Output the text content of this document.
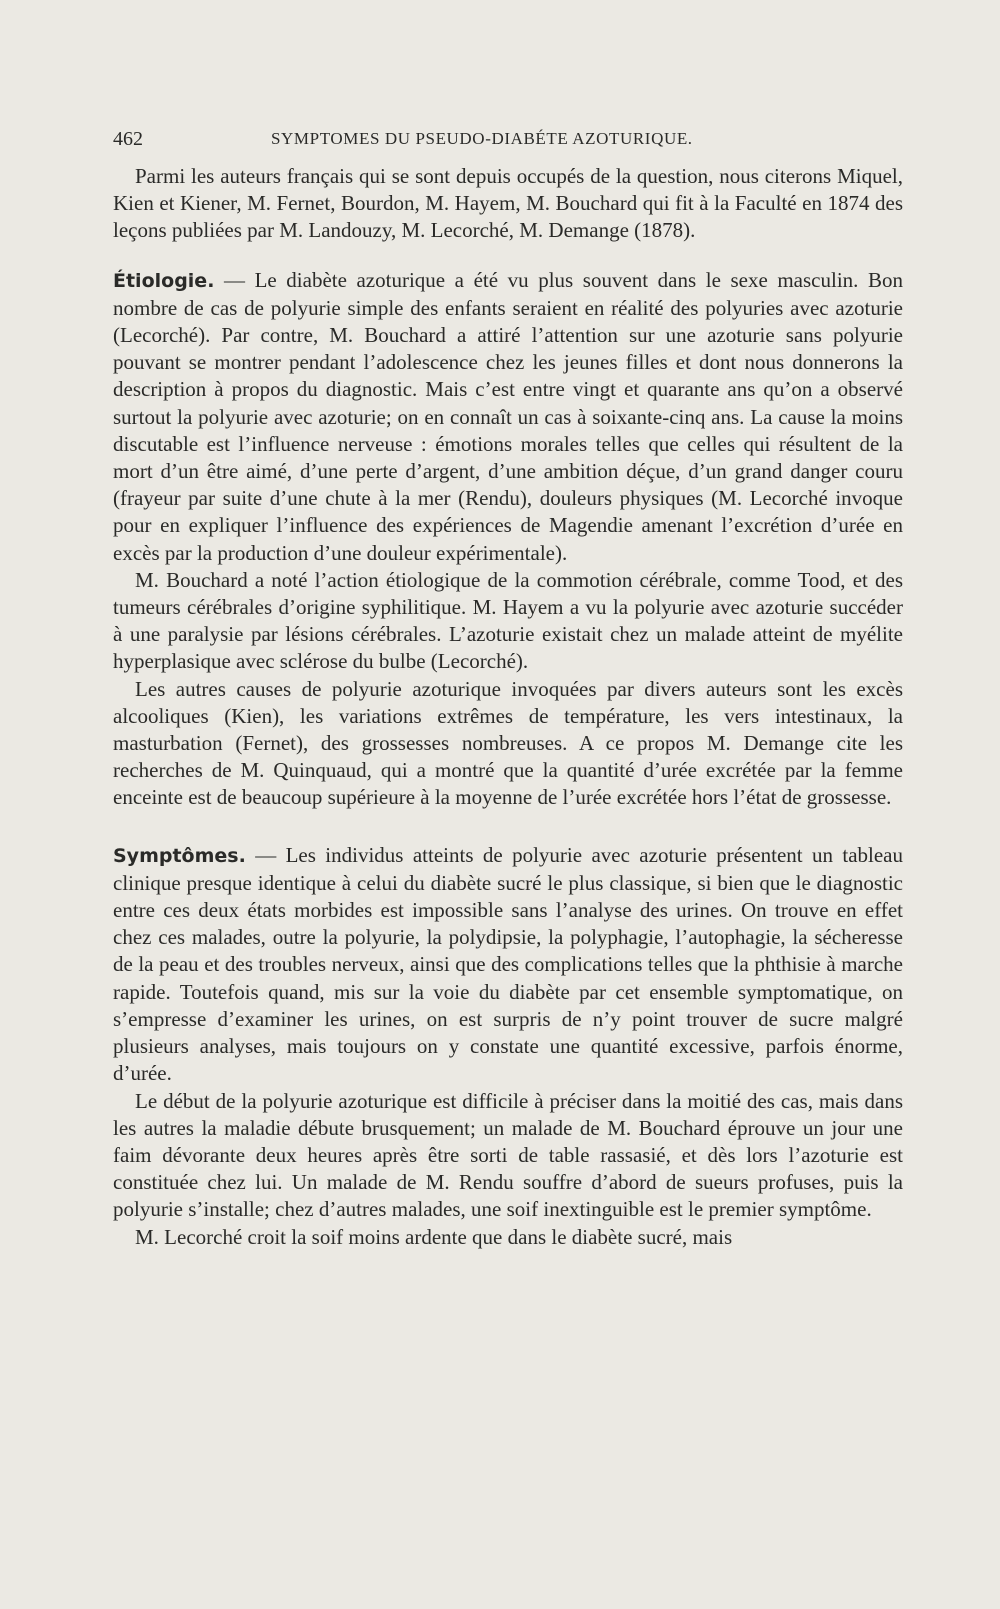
462	SYMPTOMES DU PSEUDO-DIABÉTE AZOTURIQUE.

Parmi les auteurs français qui se sont depuis occupés de la question, nous citerons Miquel, Kien et Kiener, M. Fernet, Bourdon, M. Hayem, M. Bouchard qui fit à la Faculté en 1874 des leçons publiées par M. Landouzy, M. Lecorché, M. Demange (1878).

Étiologie. — Le diabète azoturique a été vu plus souvent dans le sexe masculin. Bon nombre de cas de polyurie simple des enfants seraient en réalité des polyuries avec azoturie (Lecorché). Par contre, M. Bouchard a attiré l’attention sur une azoturie sans polyurie pouvant se montrer pendant l’adolescence chez les jeunes filles et dont nous donnerons la description à propos du diagnostic. Mais c’est entre vingt et quarante ans qu’on a observé surtout la polyurie avec azoturie; on en connaît un cas à soixante-cinq ans. La cause la moins discutable est l’influence nerveuse : émotions morales telles que celles qui résultent de la mort d’un être aimé, d’une perte d’argent, d’une ambition déçue, d’un grand danger couru (frayeur par suite d’une chute à la mer (Rendu), douleurs physiques (M. Lecorché invoque pour en expliquer l’influence des expériences de Magendie amenant l’excrétion d’urée en excès par la production d’une douleur expérimentale).

M. Bouchard a noté l’action étiologique de la commotion cérébrale, comme Tood, et des tumeurs cérébrales d’origine syphilitique. M. Hayem a vu la polyurie avec azoturie succéder à une paralysie par lésions cérébrales. L’azoturie existait chez un malade atteint de myélite hyperplasique avec sclérose du bulbe (Lecorché).

Les autres causes de polyurie azoturique invoquées par divers auteurs sont les excès alcooliques (Kien), les variations extrêmes de température, les vers intestinaux, la masturbation (Fernet), des grossesses nombreuses. A ce propos M. Demange cite les recherches de M. Quinquaud, qui a montré que la quantité d’urée excrétée par la femme enceinte est de beaucoup supérieure à la moyenne de l’urée excrétée hors l’état de grossesse.

Symptômes. — Les individus atteints de polyurie avec azoturie présentent un tableau clinique presque identique à celui du diabète sucré le plus classique, si bien que le diagnostic entre ces deux états morbides est impossible sans l’analyse des urines. On trouve en effet chez ces malades, outre la polyurie, la polydipsie, la polyphagie, l’autophagie, la sécheresse de la peau et des troubles nerveux, ainsi que des complications telles que la phthisie à marche rapide. Toutefois quand, mis sur la voie du diabète par cet ensemble symptomatique, on s’empresse d’examiner les urines, on est surpris de n’y point trouver de sucre malgré plusieurs analyses, mais toujours on y constate une quantité excessive, parfois énorme, d’urée.

Le début de la polyurie azoturique est difficile à préciser dans la moitié des cas, mais dans les autres la maladie débute brusquement; un malade de M. Bouchard éprouve un jour une faim dévorante deux heures après être sorti de table rassasié, et dès lors l’azoturie est constituée chez lui. Un malade de M. Rendu souffre d’abord de sueurs profuses, puis la polyurie s’installe; chez d’autres malades, une soif inextinguible est le premier symptôme.

M. Lecorché croit la soif moins ardente que dans le diabète sucré, mais
